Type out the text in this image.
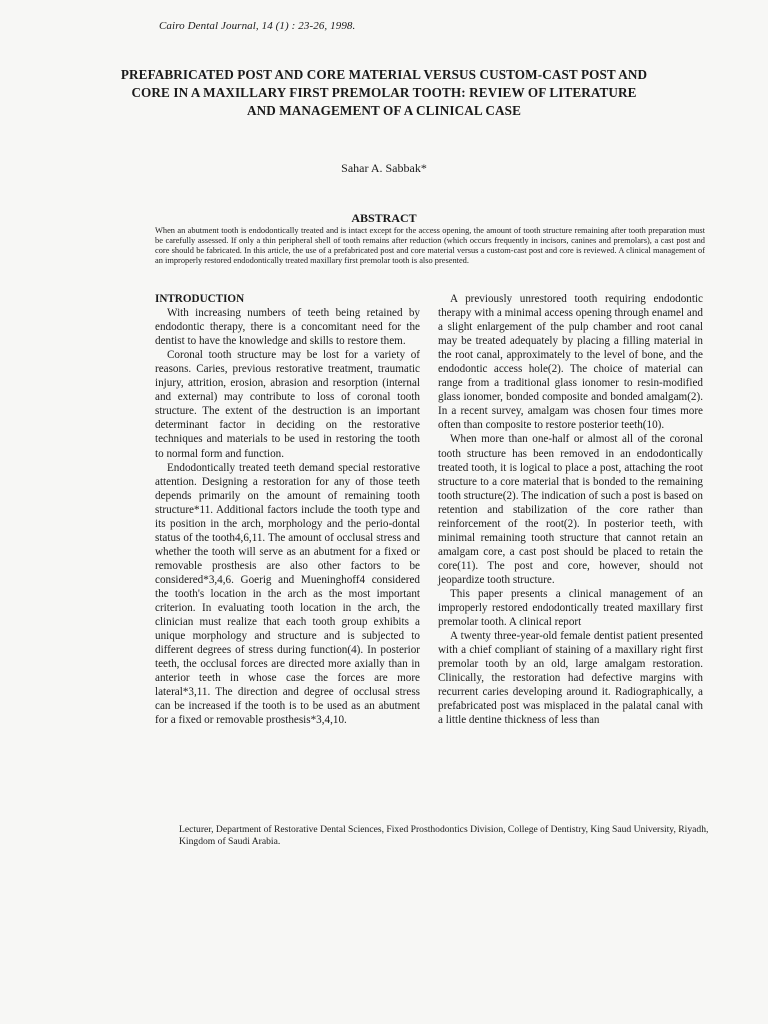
Cairo Dental Journal, 14 (1) : 23-26, 1998.
PREFABRICATED POST AND CORE MATERIAL VERSUS CUSTOM-CAST POST AND CORE IN A MAXILLARY FIRST PREMOLAR TOOTH: REVIEW OF LITERATURE AND MANAGEMENT OF A CLINICAL CASE
Sahar A. Sabbak*
ABSTRACT
When an abutment tooth is endodontically treated and is intact except for the access opening, the amount of tooth structure remaining after tooth preparation must be carefully assessed. If only a thin peripheral shell of tooth remains after reduction (which occurs frequently in incisors, canines and premolars), a cast post and core should be fabricated. In this article, the use of a prefabricated post and core material versus a custom-cast post and core is reviewed. A clinical management of an improperly restored endodontically treated maxillary first premolar tooth is also presented.

INTRODUCTION

With increasing numbers of teeth being retained by endodontic therapy, there is a concomitant need for the dentist to have the knowledge and skills to restore them.

Coronal tooth structure may be lost for a variety of reasons. Caries, previous restorative treatment, traumatic injury, attrition, erosion, abrasion and resorption (internal and external) may contribute to loss of coronal tooth structure. The extent of the destruction is an important determinant factor in deciding on the restorative techniques and materials to be used in restoring the tooth to normal form and function.

Endodontically treated teeth demand special restorative attention. Designing a restoration for any of those teeth depends primarily on the amount of remaining tooth structure*11. Additional factors include the tooth type and its position in the arch, morphology and the perio-dontal status of the tooth4,6,11. The amount of occlusal stress and whether the tooth will serve as an abutment for a fixed or removable prosthesis are also other factors to be considered*3,4,6. Goerig and Mueninghoff4 considered the tooth's location in the arch as the most important criterion. In evaluating tooth location in the arch, the clinician must realize that each tooth group exhibits a unique morphology and structure and is subjected to different degrees of stress during function(4). In posterior teeth, the occlusal forces are directed more axially than in anterior teeth in whose case the forces are more lateral*3,11. The direction and degree of occlusal stress can be increased if the tooth is to be used as an abutment for a fixed or removable prosthesis*3,4,10.

A previously unrestored tooth requiring endodontic therapy with a minimal access opening through enamel and a slight enlargement of the pulp chamber and root canal may be treated adequately by placing a filling material in the root canal, approximately to the level of bone, and the endodontic access hole(2). The choice of material can range from a traditional glass ionomer to resin-modified glass ionomer, bonded composite and bonded amalgam(2). In a recent survey, amalgam was chosen four times more often than composite to restore posterior teeth(10).

When more than one-half or almost all of the coronal tooth structure has been removed in an endodontically treated tooth, it is logical to place a post, attaching the root structure to a core material that is bonded to the remaining tooth structure(2). The indication of such a post is based on retention and stabilization of the core rather than reinforcement of the root(2). In posterior teeth, with minimal remaining tooth structure that cannot retain an amalgam core, a cast post should be placed to retain the core(11). The post and core, however, should not jeopardize tooth structure.

This paper presents a clinical management of an improperly restored endodontically treated maxillary first premolar tooth. A clinical report

A twenty three-year-old female dentist patient presented with a chief compliant of staining of a maxillary right first premolar tooth by an old, large amalgam restoration. Clinically, the restoration had defective margins with recurrent caries developing around it. Radiographically, a prefabricated post was misplaced in the palatal canal with a little dentine thickness of less than

Lecturer, Department of Restorative Dental Sciences, Fixed Prosthodontics Division, College of Dentistry, King Saud University, Riyadh, Kingdom of Saudi Arabia.
